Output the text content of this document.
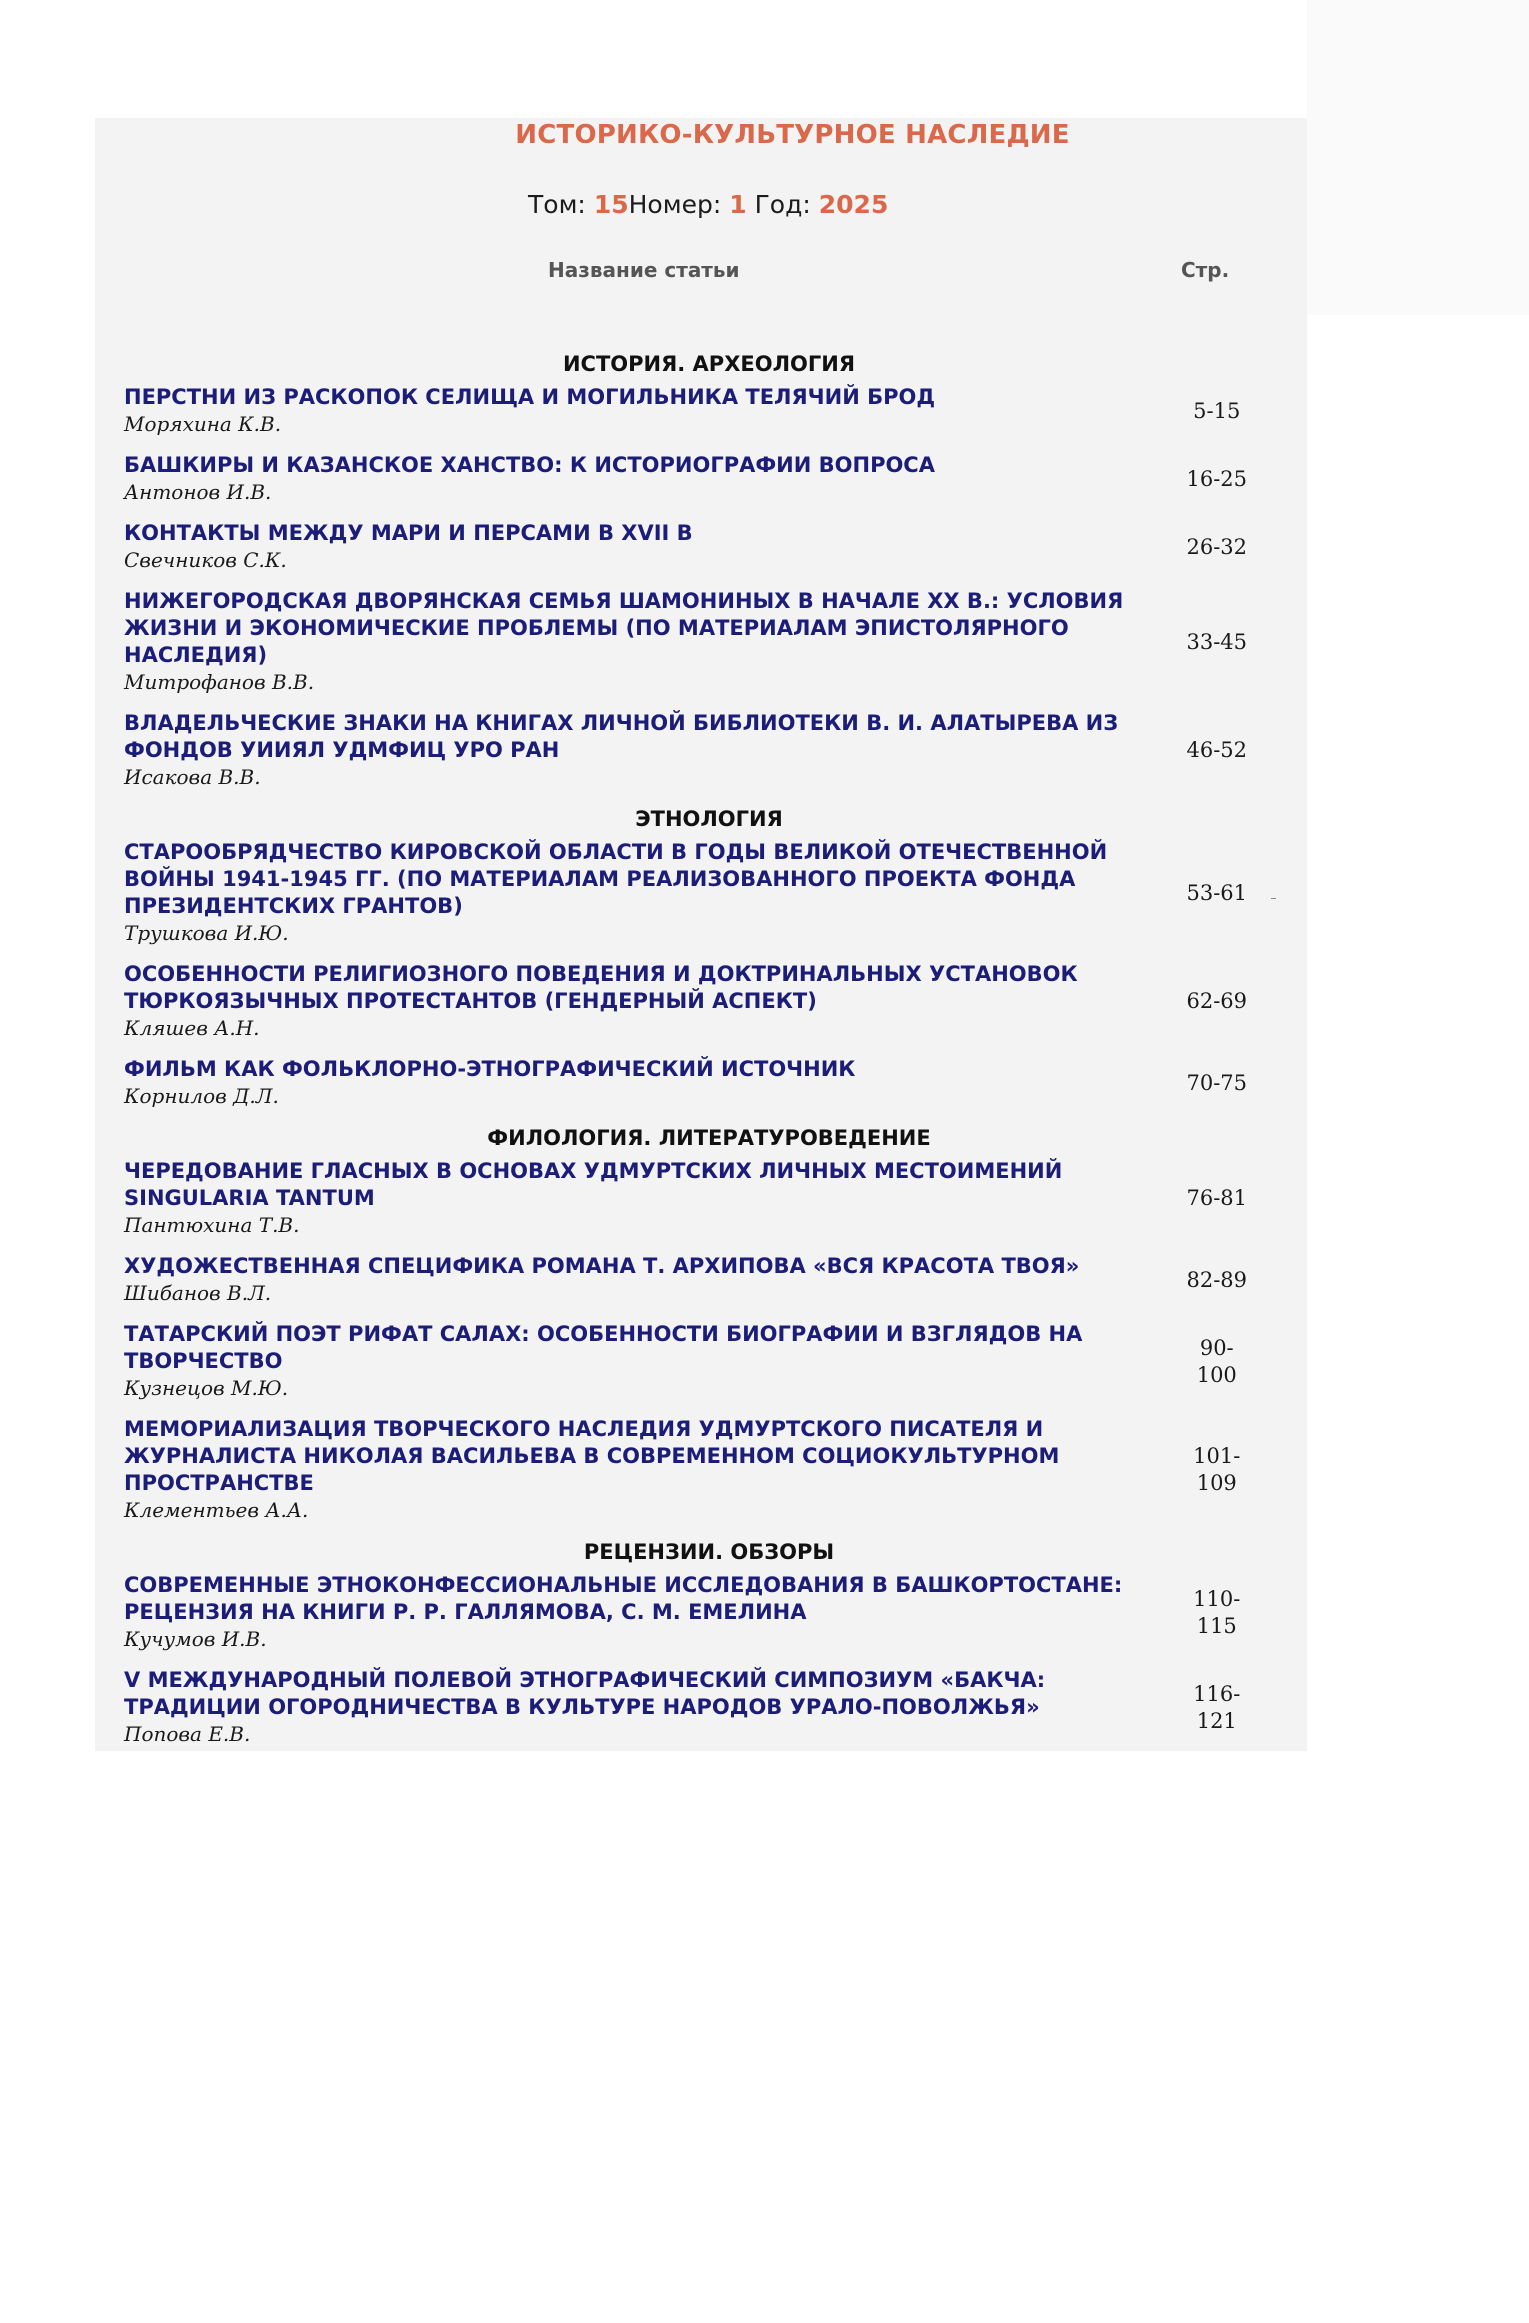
ИСТОРИКО-КУЛЬТУРНОЕ НАСЛЕДИЕ
Том: 15Номер: 1 Год: 2025
Название статьи	Стр.
ИСТОРИЯ. АРХЕОЛОГИЯ
ПЕРСТНИ ИЗ РАСКОПОК СЕЛИЩА И МОГИЛЬНИКА ТЕЛЯЧИЙ БРОД
Моряхина К.В.
5-15
БАШКИРЫ И КАЗАНСКОЕ ХАНСТВО: К ИСТОРИОГРАФИИ ВОПРОСА
Антонов И.В.
16-25
КОНТАКТЫ МЕЖДУ МАРИ И ПЕРСАМИ В XVII В
Свечников С.К.
26-32
НИЖЕГОРОДСКАЯ ДВОРЯНСКАЯ СЕМЬЯ ШАМОНИНЫХ В НАЧАЛЕ ХХ В.: УСЛОВИЯ ЖИЗНИ И ЭКОНОМИЧЕСКИЕ ПРОБЛЕМЫ (ПО МАТЕРИАЛАМ ЭПИСТОЛЯРНОГО НАСЛЕДИЯ)
Митрофанов В.В.
33-45
ВЛАДЕЛЬЧЕСКИЕ ЗНАКИ НА КНИГАХ ЛИЧНОЙ БИБЛИОТЕКИ В. И. АЛАТЫРЕВА ИЗ ФОНДОВ УИИЯЛ УДМФИЦ УРО РАН
Исакова В.В.
46-52
ЭТНОЛОГИЯ
СТАРООБРЯДЧЕСТВО КИРОВСКОЙ ОБЛАСТИ В ГОДЫ ВЕЛИКОЙ ОТЕЧЕСТВЕННОЙ ВОЙНЫ 1941-1945 ГГ. (ПО МАТЕРИАЛАМ РЕАЛИЗОВАННОГО ПРОЕКТА ФОНДА ПРЕЗИДЕНТСКИХ ГРАНТОВ)
Трушкова И.Ю.
53-61
ОСОБЕННОСТИ РЕЛИГИОЗНОГО ПОВЕДЕНИЯ И ДОКТРИНАЛЬНЫХ УСТАНОВОК ТЮРКОЯЗЫЧНЫХ ПРОТЕСТАНТОВ (ГЕНДЕРНЫЙ АСПЕКТ)
Кляшев А.Н.
62-69
ФИЛЬМ КАК ФОЛЬКЛОРНО-ЭТНОГРАФИЧЕСКИЙ ИСТОЧНИК
Корнилов Д.Л.
70-75
ФИЛОЛОГИЯ. ЛИТЕРАТУРОВЕДЕНИЕ
ЧЕРЕДОВАНИЕ ГЛАСНЫХ В ОСНОВАХ УДМУРТСКИХ ЛИЧНЫХ МЕСТОИМЕНИЙ SINGULARIA TANTUM
Пантюхина Т.В.
76-81
ХУДОЖЕСТВЕННАЯ СПЕЦИФИКА РОМАНА Т. АРХИПОВА «ВСЯ КРАСОТА ТВОЯ»
Шибанов В.Л.
82-89
ТАТАРСКИЙ ПОЭТ РИФАТ САЛАХ: ОСОБЕННОСТИ БИОГРАФИИ И ВЗГЛЯДОВ НА ТВОРЧЕСТВО
Кузнецов М.Ю.
90-
100
МЕМОРИАЛИЗАЦИЯ ТВОРЧЕСКОГО НАСЛЕДИЯ УДМУРТСКОГО ПИСАТЕЛЯ И ЖУРНАЛИСТА НИКОЛАЯ ВАСИЛЬЕВА В СОВРЕМЕННОМ СОЦИОКУЛЬТУРНОМ ПРОСТРАНСТВЕ
Клементьев А.А.
101-
109
РЕЦЕНЗИИ. ОБЗОРЫ
СОВРЕМЕННЫЕ ЭТНОКОНФЕССИОНАЛЬНЫЕ ИССЛЕДОВАНИЯ В БАШКОРТОСТАНЕ: РЕЦЕНЗИЯ НА КНИГИ Р. Р. ГАЛЛЯМОВА, С. М. ЕМЕЛИНА
Кучумов И.В.
110-
115
V МЕЖДУНАРОДНЫЙ ПОЛЕВОЙ ЭТНОГРАФИЧЕСКИЙ СИМПОЗИУМ «БАКЧА: ТРАДИЦИИ ОГОРОДНИЧЕСТВА В КУЛЬТУРЕ НАРОДОВ УРАЛО-ПОВОЛЖЬЯ»
Попова Е.В.
116-
121
